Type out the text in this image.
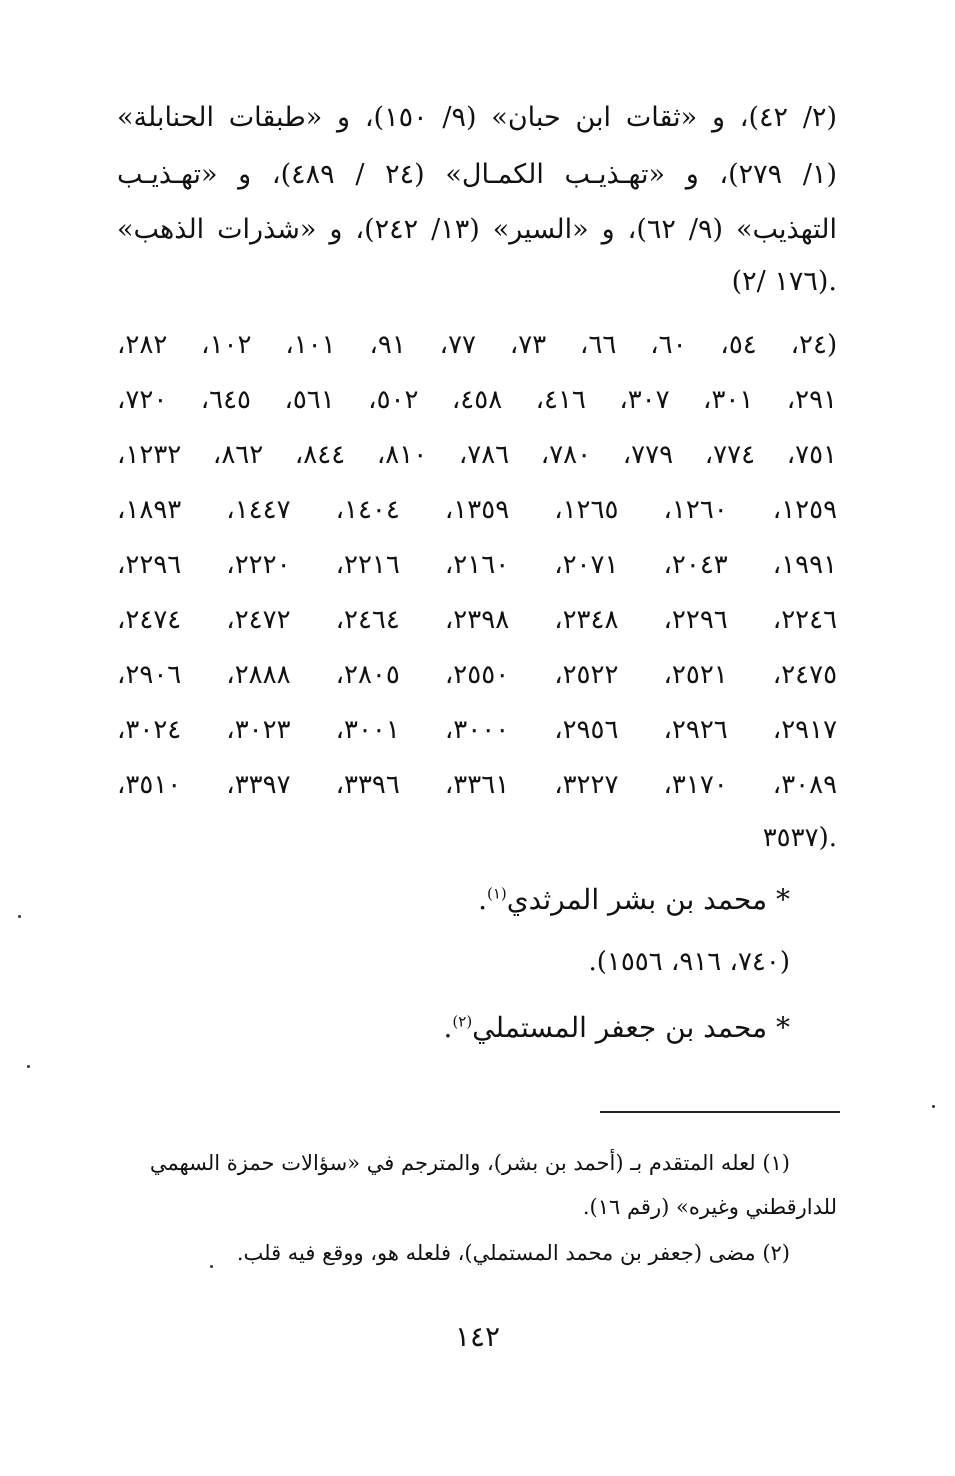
(٢/ ٤٢)، و «ثقات ابن حبان» (٩/ ١٥٠)، و «طبقات الحنابلة»
(١/ ٢٧٩)، و «تهـذيـب الكمـال» (٢٤ / ٤٨٩)، و «تهـذيـب
التهذيب» (٩/ ٦٢)، و «السير» (١٣/ ٢٤٢)، و «شذرات الذهب»
.(١٧٦ /٢)
(٢٤، ٥٤، ٦٠، ٦٦، ٧٣، ٧٧، ٩١، ١٠١، ١٠٢، ٢٨٢،
٢٩١، ٣٠١، ٣٠٧، ٤١٦، ٤٥٨، ٥٠٢، ٥٦١، ٦٤٥، ٧٢٠،
٧٥١، ٧٧٤، ٧٧٩، ٧٨٠، ٧٨٦، ٨١٠، ٨٤٤، ٨٦٢، ١٢٣٢،
١٢٥٩، ١٢٦٠، ١٢٦٥، ١٣٥٩، ١٤٠٤، ١٤٤٧، ١٨٩٣،
١٩٩١، ٢٠٤٣، ٢٠٧١، ٢١٦٠، ٢٢١٦، ٢٢٢٠، ٢٢٩٦،
٢٢٤٦، ٢٢٩٦، ٢٣٤٨، ٢٣٩٨، ٢٤٦٤، ٢٤٧٢، ٢٤٧٤،
٢٤٧٥، ٢٥٢١، ٢٥٢٢، ٢٥٥٠، ٢٨٠٥، ٢٨٨٨، ٢٩٠٦،
٢٩١٧، ٢٩٢٦، ٢٩٥٦، ٣٠٠٠، ٣٠٠١، ٣٠٢٣، ٣٠٢٤،
٣٠٨٩، ٣١٧٠، ٣٢٢٧، ٣٣٦١، ٣٣٩٦، ٣٣٩٧، ٣٥١٠،
.(٣٥٣٧
* محمد بن بشر المرثدي$^{(١)}$.
(٧٤٠، ٩١٦، ١٥٥٦).
* محمد بن جعفر المستملي$^{(٢)}$.
(١) لعله المتقدم بـ (أحمد بن بشر)، والمترجم في «سؤالات حمزة السهمي
للدارقطني وغيره» (رقم ١٦).
(٢) مضى (جعفر بن محمد المستملي)، فلعله هو، ووقع فيه قلب.
١٤٢
